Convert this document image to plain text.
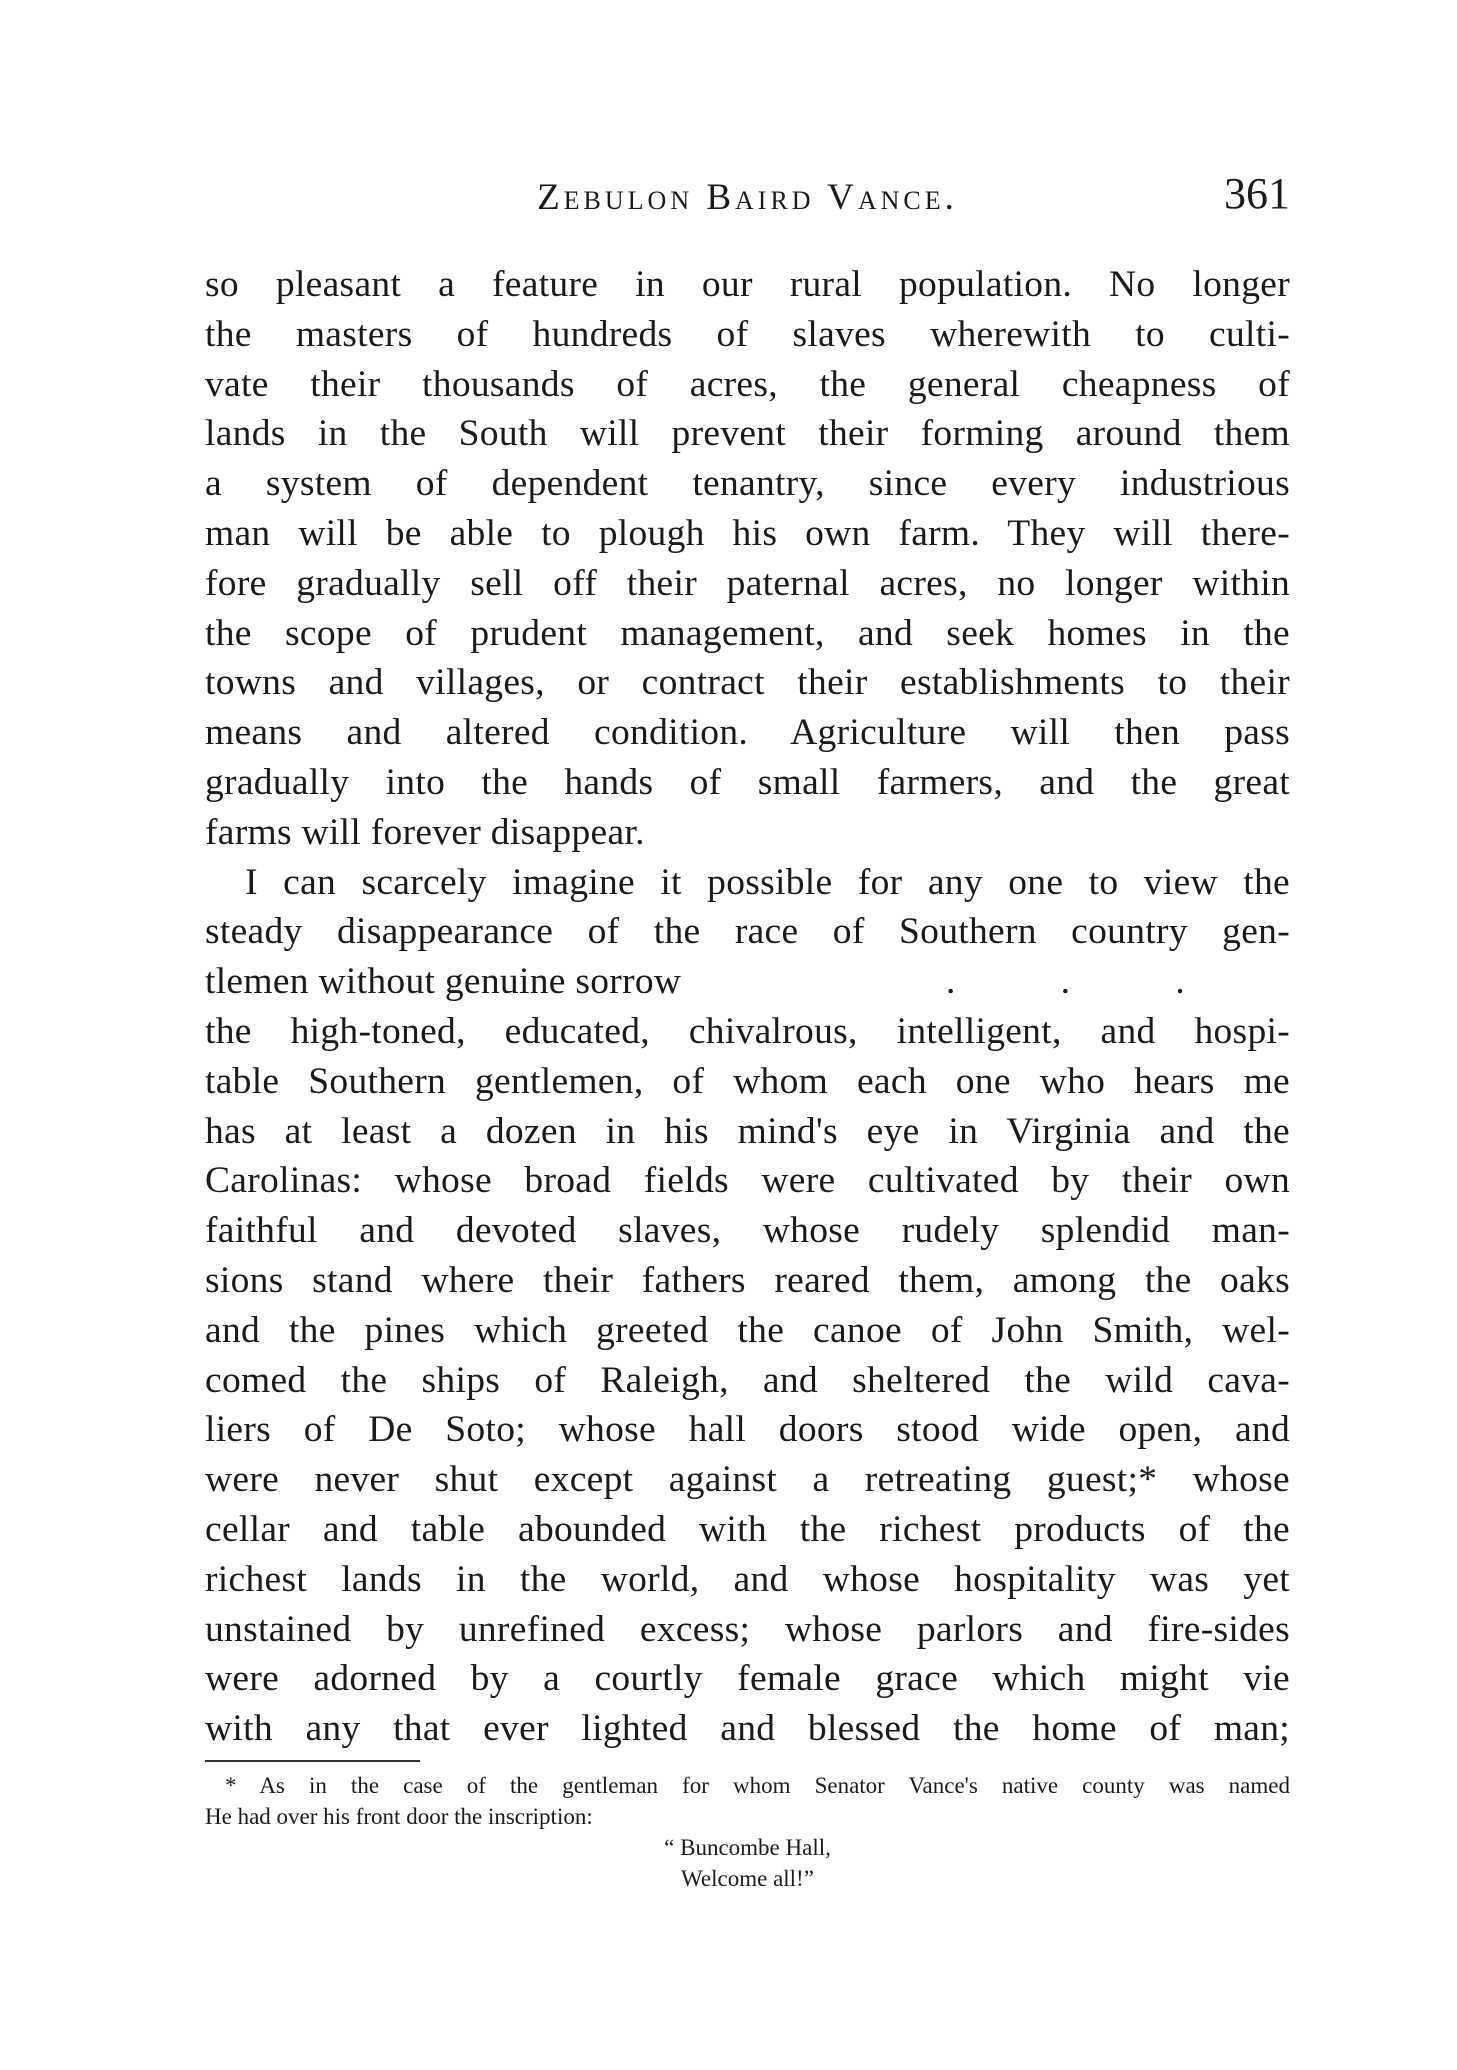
Zebulon Baird Vance.	361
so pleasant a feature in our rural population. No longer
the masters of hundreds of slaves wherewith to culti-
vate their thousands of acres, the general cheapness of
lands in the South will prevent their forming around them
a system of dependent tenantry, since every industrious
man will be able to plough his own farm. They will there-
fore gradually sell off their paternal acres, no longer within
the scope of prudent management, and seek homes in the
towns and villages, or contract their establishments to their
means and altered condition. Agriculture will then pass
gradually into the hands of small farmers, and the great
farms will forever disappear.
I can scarcely imagine it possible for any one to view the
steady disappearance of the race of Southern country gen-
tlemen without genuine sorrow	.	.	.
the high-toned, educated, chivalrous, intelligent, and hospi-
table Southern gentlemen, of whom each one who hears me
has at least a dozen in his mind's eye in Virginia and the
Carolinas: whose broad fields were cultivated by their own
faithful and devoted slaves, whose rudely splendid man-
sions stand where their fathers reared them, among the oaks
and the pines which greeted the canoe of John Smith, wel-
comed the ships of Raleigh, and sheltered the wild cava-
liers of De Soto; whose hall doors stood wide open, and
were never shut except against a retreating guest;* whose
cellar and table abounded with the richest products of the
richest lands in the world, and whose hospitality was yet
unstained by unrefined excess; whose parlors and fire-sides
were adorned by a courtly female grace which might vie
with any that ever lighted and blessed the home of man;
* As in the case of the gentleman for whom Senator Vance's native county was named
He had over his front door the inscription:
“ Buncombe Hall,
Welcome all!”
